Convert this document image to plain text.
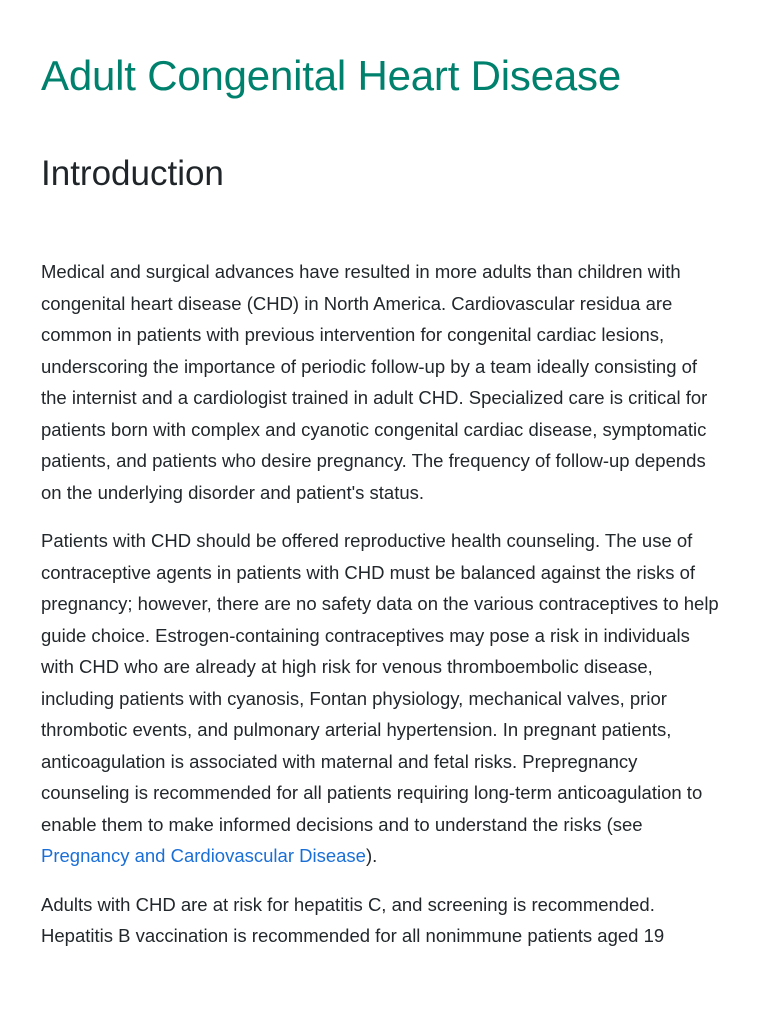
Adult Congenital Heart Disease
Introduction

Medical and surgical advances have resulted in more adults than children with congenital heart disease (CHD) in North America. Cardiovascular residua are common in patients with previous intervention for congenital cardiac lesions, underscoring the importance of periodic follow-up by a team ideally consisting of the internist and a cardiologist trained in adult CHD. Specialized care is critical for patients born with complex and cyanotic congenital cardiac disease, symptomatic patients, and patients who desire pregnancy. The frequency of follow-up depends on the underlying disorder and patient's status.

Patients with CHD should be offered reproductive health counseling. The use of contraceptive agents in patients with CHD must be balanced against the risks of pregnancy; however, there are no safety data on the various contraceptives to help guide choice. Estrogen-containing contraceptives may pose a risk in individuals with CHD who are already at high risk for venous thromboembolic disease, including patients with cyanosis, Fontan physiology, mechanical valves, prior thrombotic events, and pulmonary arterial hypertension. In pregnant patients, anticoagulation is associated with maternal and fetal risks. Prepregnancy counseling is recommended for all patients requiring long-term anticoagulation to enable them to make informed decisions and to understand the risks (see Pregnancy and Cardiovascular Disease).

Adults with CHD are at risk for hepatitis C, and screening is recommended. Hepatitis B vaccination is recommended for all nonimmune patients aged 19
